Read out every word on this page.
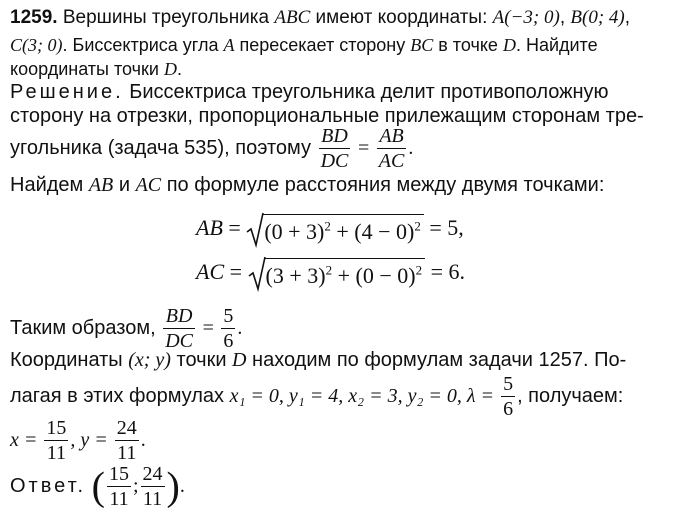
1259. Вершины треугольника ABC имеют координаты: A(−3; 0), B(0; 4),
C(3; 0). Биссектриса угла A пересекает сторону BC в точке D. Найдите
координаты точки D.
Решение. Биссектриса треугольника делит противоположную
сторону на отрезки, пропорциональные прилежащим сторонам тре-
угольника (задача 535), поэтому $\frac{BD}{DC} = \frac{AB}{AC}$ .
Найдем AB и AC по формуле расстояния между двумя точками:
AB = $(0 + 3)^2 + (4 - 0)^2 = 5$,
AC = $(3 + 3)^2 + (0 - 0)^2 = 6$.
Таким образом, $\frac{BD}{DC} = \frac{5}{6}$ .
Координаты (x; y) точки D находим по формулам задачи 1257. По-
лагая в этих формулах x₁ = 0, y₁ = 4, x₂ = 3, y₂ = 0, $\lambda = \frac{5}{6}$ , получаем:
$x = \frac{15}{11}$ , $y = \frac{24}{11}$ .
Ответ. ( $\frac{15}{11}$ ; $\frac{24}{11}$ ).
